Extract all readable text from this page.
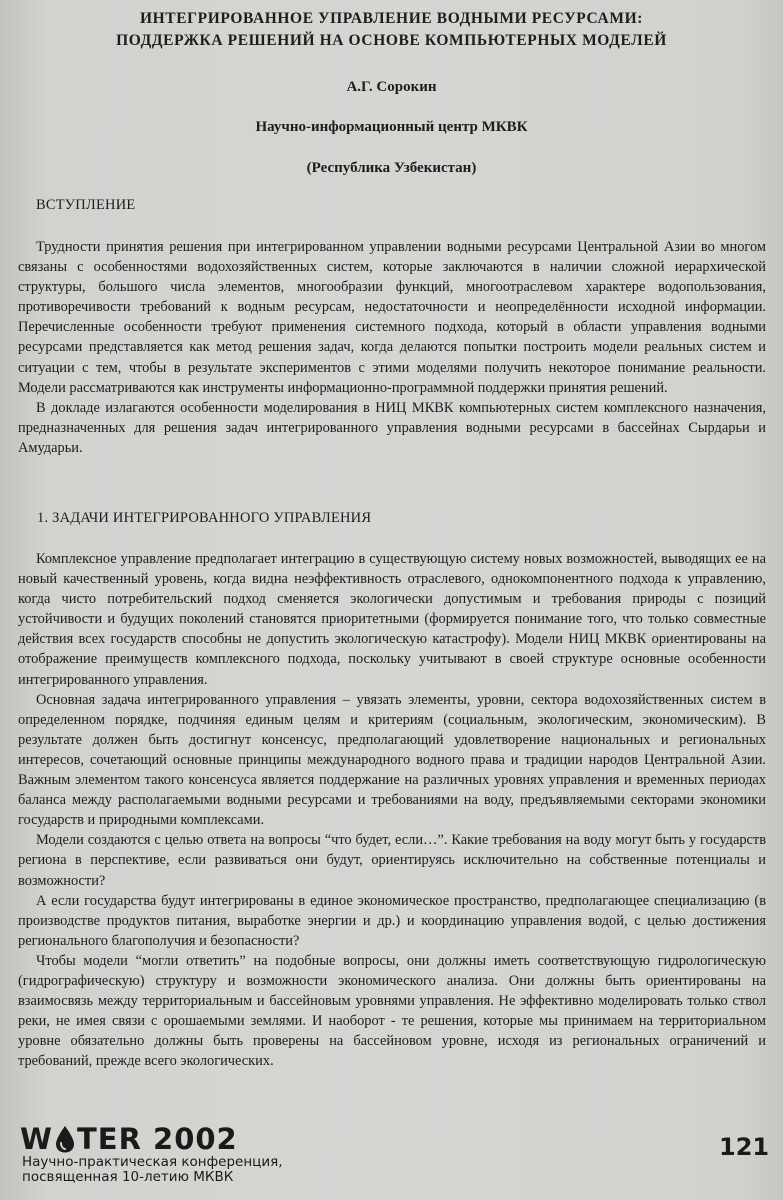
ИНТЕГРИРОВАННОЕ УПРАВЛЕНИЕ ВОДНЫМИ РЕСУРСАМИ:
ПОДДЕРЖКА РЕШЕНИЙ НА ОСНОВЕ КОМПЬЮТЕРНЫХ МОДЕЛЕЙ
А.Г. Сорокин
Научно-информационный центр МКВК
(Республика Узбекистан)
ВСТУПЛЕНИЕ

Трудности принятия решения при интегрированном управлении водными ресурсами Центральной Азии во многом связаны с особенностями водохозяйственных систем, которые заключаются в наличии сложной иерархической структуры, большого числа элементов, многообразии функций, многоотраслевом характере водопользования, противоречивости требований к водным ресурсам, недостаточности и неопределённости исходной информации. Перечисленные особенности требуют применения системного подхода, который в области управления водными ресурсами представляется как метод решения задач, когда делаются попытки построить модели реальных систем и ситуации с тем, чтобы в результате экспериментов с этими моделями получить некоторое понимание реальности. Модели рассматриваются как инструменты информационно-программной поддержки принятия решений.

В докладе излагаются особенности моделирования в НИЦ МКВК компьютерных систем комплексного назначения, предназначенных для решения задач интегрированного управления водными ресурсами в бассейнах Сырдарьи и Амударьи.

1. ЗАДАЧИ ИНТЕГРИРОВАННОГО УПРАВЛЕНИЯ

Комплексное управление предполагает интеграцию в существующую систему новых возможностей, выводящих ее на новый качественный уровень, когда видна неэффективность отраслевого, однокомпонентного подхода к управлению, когда чисто потребительский подход сменяется экологически допустимым и требования природы с позиций устойчивости и будущих поколений становятся приоритетными (формируется понимание того, что только совместные действия всех государств способны не допустить экологическую катастрофу). Модели НИЦ МКВК ориентированы на отображение преимуществ комплексного подхода, поскольку учитывают в своей структуре основные особенности интегрированного управления.

Основная задача интегрированного управления – увязать элементы, уровни, сектора водохозяйственных систем в определенном порядке, подчиняя единым целям и критериям (социальным, экологическим, экономическим). В результате должен быть достигнут консенсус, предполагающий удовлетворение национальных и региональных интересов, сочетающий основные принципы международного водного права и традиции народов Центральной Азии. Важным элементом такого консенсуса является поддержание на различных уровнях управления и временных периодах баланса между располагаемыми водными ресурсами и требованиями на воду, предъявляемыми секторами экономики государств и природными комплексами.

Модели создаются с целью ответа на вопросы “что будет, если…”. Какие требования на воду могут быть у государств региона в перспективе, если развиваться они будут, ориентируясь исключительно на собственные потенциалы и возможности?

А если государства будут интегрированы в единое экономическое пространство, предполагающее специализацию (в производстве продуктов питания, выработке энергии и др.) и координацию управления водой, с целью достижения регионального благополучия и безопасности?

Чтобы модели “могли ответить” на подобные вопросы, они должны иметь соответствующую гидрологическую (гидрографическую) структуру и возможности экономического анализа. Они должны быть ориентированы на взаимосвязь между территориальным и бассейновым уровнями управления. Не эффективно моделировать только ствол реки, не имея связи с орошаемыми землями. И наоборот - те решения, которые мы принимаем на территориальном уровне обязательно должны быть проверены на бассейновом уровне, исходя из региональных ограничений и требований, прежде всего экологических.

W TER 2002
Научно-практическая конференция,
посвященная 10-летию МКВК
121
